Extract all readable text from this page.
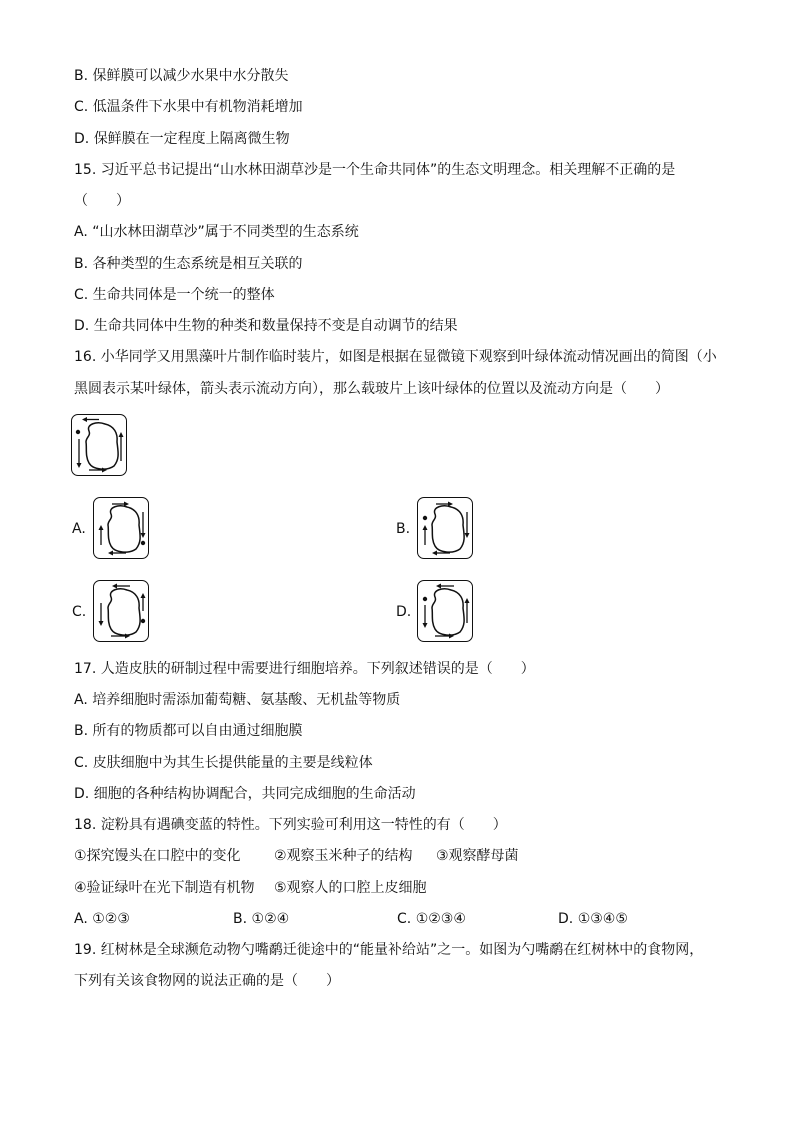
B. 保鲜膜可以减少水果中水分散失
C. 低温条件下水果中有机物消耗增加
D. 保鲜膜在一定程度上隔离微生物
15. 习近平总书记提出“山水林田湖草沙是一个生命共同体”的生态文明理念。相关理解不正确的是
（　　）
A. “山水林田湖草沙”属于不同类型的生态系统
B. 各种类型的生态系统是相互关联的
C. 生命共同体是一个统一的整体
D. 生命共同体中生物的种类和数量保持不变是自动调节的结果
16. 小华同学又用黑藻叶片制作临时装片，如图是根据在显微镜下观察到叶绿体流动情况画出的简图（小
黑圆表示某叶绿体，箭头表示流动方向），那么载玻片上该叶绿体的位置以及流动方向是（　　）
A.	B.
C.	D.
17. 人造皮肤的研制过程中需要进行细胞培养。下列叙述错误的是（　　）
A. 培养细胞时需添加葡萄糖、氨基酸、无机盐等物质
B. 所有的物质都可以自由通过细胞膜
C. 皮肤细胞中为其生长提供能量的主要是线粒体
D. 细胞的各种结构协调配合，共同完成细胞的生命活动
18. 淀粉具有遇碘变蓝的特性。下列实验可利用这一特性的有（　　）
①探究馒头在口腔中的变化 ②观察玉米种子的结构 ③观察酵母菌
④验证绿叶在光下制造有机物 ⑤观察人的口腔上皮细胞
A. ①②③	B. ①②④	C. ①②③④	D. ①③④⑤
19. 红树林是全球濒危动物勺嘴鹬迁徙途中的“能量补给站”之一。如图为勺嘴鹬在红树林中的食物网，
下列有关该食物网的说法正确的是（　　）
